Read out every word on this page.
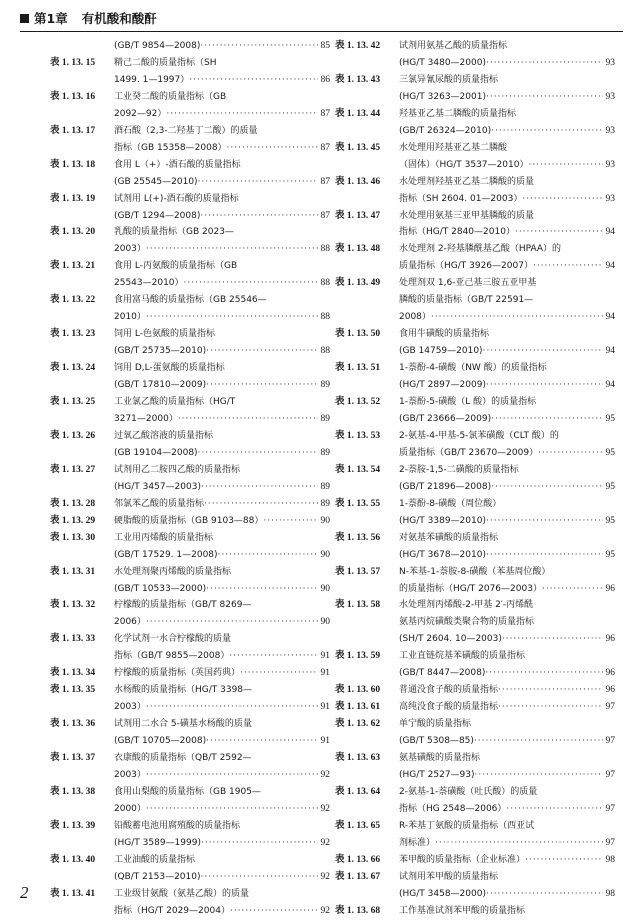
第1章 有机酸和酸酐
(GB/T 9854—2008) ·····	85
表 1. 13. 15	精己二酸的质量指标（SH
1499. 1—1997） ·····	86
表 1. 13. 16	工业癸二酸的质量指标（GB
2092—92） ·····	87
表 1. 13. 17	酒石酸（2,3-二羟基丁二酸）的质量
指标（GB 15358—2008） ·····	87
表 1. 13. 18	食用 L（+）-酒石酸的质量指标
(GB 25545—2010) ·····	87
表 1. 13. 19	试剂用 L(+)-酒石酸的质量指标
(GB/T 1294—2008) ·····	87
表 1. 13. 20	乳酸的质量指标（GB 2023—
2003） ·····	88
表 1. 13. 21	食用 L-丙氨酸的质量指标（GB
25543—2010） ·····	88
表 1. 13. 22	食用富马酸的质量指标（GB 25546—
2010） ·····	88
表 1. 13. 23	饲用 L-色氨酸的质量指标
(GB/T 25735—2010) ·····	88
表 1. 13. 24	饲用 D,L-蛋氨酸的质量指标
(GB/T 17810—2009) ·····	89
表 1. 13. 25	工业氯乙酸的质量指标（HG/T
3271—2000） ·····	89
表 1. 13. 26	过氧乙酸溶液的质量指标
(GB 19104—2008) ·····	89
表 1. 13. 27	试剂用乙二胺四乙酸的质量指标
(HG/T 3457—2003) ·····	89
表 1. 13. 28 邻氯苯乙酸的质量指标 ·····	89
表 1. 13. 29 硬脂酸的质量指标（GB 9103—88） ·····	90
表 1. 13. 30	工业用丙烯酸的质量指标
(GB/T 17529. 1—2008) ·····	90
表 1. 13. 31	水处理剂聚丙烯酸的质量指标
(GB/T 10533—2000) ·····	90
表 1. 13. 32	柠檬酸的质量指标（GB/T 8269—
2006） ·····	90
表 1. 13. 33	化学试剂一水合柠檬酸的质量
指标（GB/T 9855—2008） ·····	91
表 1. 13. 34 柠檬酸的质量指标（英国药典） ·····	91
表 1. 13. 35	水杨酸的质量指标（HG/T 3398—
2003） ·····	91
表 1. 13. 36	试剂用二水合 5-磺基水杨酸的质量
(GB/T 10705—2008) ·····	91
表 1. 13. 37	衣康酸的质量指标（QB/T 2592—
2003） ·····	92
表 1. 13. 38	食用山梨酸的质量指标（GB 1905—
2000） ·····	92
表 1. 13. 39	铅酸蓄电池用腐殖酸的质量指标
(HG/T 3589—1999) ·····	92
表 1. 13. 40	工业油酸的质量指标
(QB/T 2153—2010) ·····	92
表 1. 13. 41	工业级甘氨酸（氨基乙酸）的质量
指标（HG/T 2029—2004） ·····	92
表 1. 13. 42	试剂用氨基乙酸的质量指标
(HG/T 3480—2000) ·····	93
表 1. 13. 43	三氯异氰尿酸的质量指标
(HG/T 3263—2001) ·····	93
表 1. 13. 44	羟基亚乙基二膦酸的质量指标
(GB/T 26324—2010) ·····	93
表 1. 13. 45	水处理用羟基亚乙基二膦酸
（固体）（HG/T 3537—2010） ·····	93
表 1. 13. 46	水处理剂羟基亚乙基二膦酸的质量
指标（SH 2604. 01—2003） ·····	93
表 1. 13. 47	水处理用氨基三亚甲基膦酸的质量
指标（HG/T 2840—2010） ·····	94
表 1. 13. 48	水处理剂 2-羟基膦酰基乙酸（HPAA）的
质量指标（HG/T 3926—2007） ·····	94
表 1. 13. 49	处理剂双 1,6-亚己基三胺五亚甲基
膦酸的质量指标（GB/T 22591—
2008） ·····	94
表 1. 13. 50	食用牛磺酸的质量指标
(GB 14759—2010) ·····	94
表 1. 13. 51	1-萘酚-4-磺酸（NW 酸）的质量指标
(HG/T 2897—2009) ·····	94
表 1. 13. 52	1-萘酚-5-磺酸（L 酸）的质量指标
(GB/T 23666—2009) ·····	95
表 1. 13. 53	2-氨基-4-甲基-5-氯苯磺酸（CLT 酸）的
质量指标（GB/T 23670—2009） ·····	95
表 1. 13. 54	2-萘胺-1,5-二磺酸的质量指标
(GB/T 21896—2008) ·····	95
表 1. 13. 55	1-萘酚-8-磺酸（周位酸）
(HG/T 3389—2010) ·····	95
表 1. 13. 56	对氨基苯磺酸的质量指标
(HG/T 3678—2010) ·····	95
表 1. 13. 57	N-苯基-1-萘胺-8-磺酸（苯基周位酸）
的质量指标（HG/T 2076—2003） ·····	96
表 1. 13. 58	水处理剂丙烯酸-2-甲基 2′-丙烯酰
氨基丙烷磺酸类聚合物的质量指标
(SH/T 2604. 10—2003) ·····	96
表 1. 13. 59	工业直链烷基苯磺酸的质量指标
(GB/T 8447—2008) ·····	96
表 1. 13. 60 普通没食子酸的质量指标 ·····	96
表 1. 13. 61 高纯没食子酸的质量指标 ·····	97
表 1. 13. 62	单宁酸的质量指标
(GB/T 5308—85) ·····	97
表 1. 13. 63	氨基磺酸的质量指标
(HG/T 2527—93) ·····	97
表 1. 13. 64	2-氨基-1-萘磺酸（吐氏酸）的质量
指标（HG 2548—2006） ·····	97
表 1. 13. 65	R-苯基丁氨酸的质量指标（西亚试
剂标准） ·····	97
表 1. 13. 66 苯甲酸的质量指标（企业标准） ·····	98
表 1. 13. 67	试剂用苯甲酸的质量指标
(HG/T 3458—2000) ·····	98
表 1. 13. 68 工作基准试剂苯甲酸的质量指标
2
